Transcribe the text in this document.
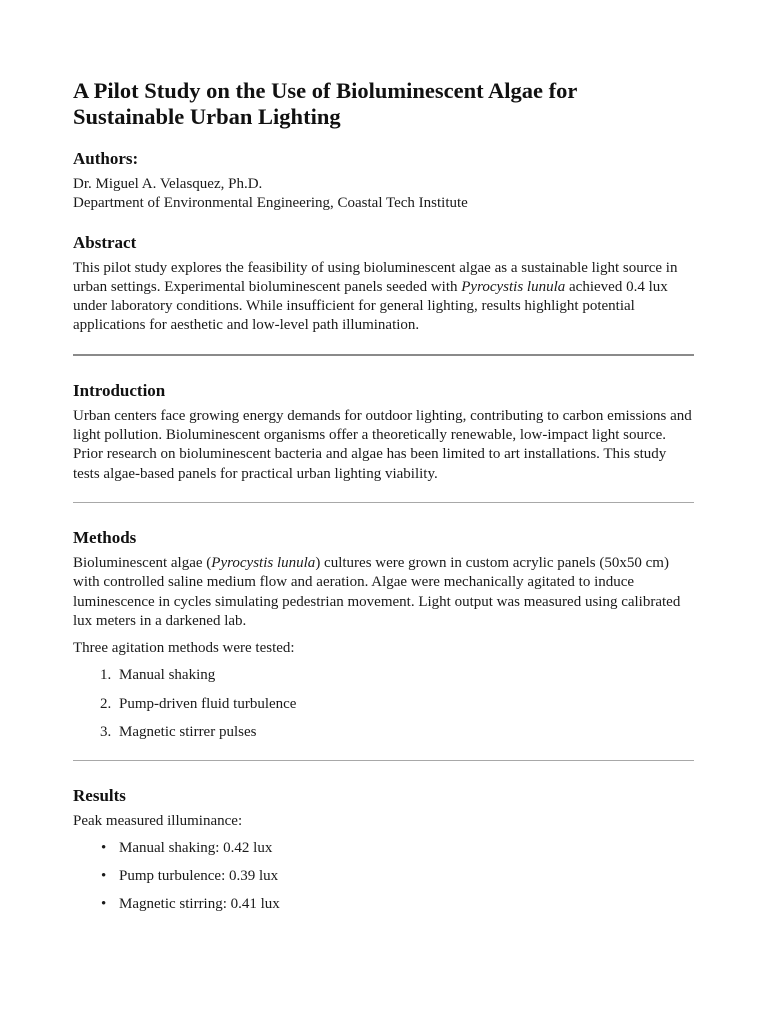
A Pilot Study on the Use of Bioluminescent Algae for Sustainable Urban Lighting
Authors:

Dr. Miguel A. Velasquez, Ph.D.

Department of Environmental Engineering, Coastal Tech Institute

Abstract

This pilot study explores the feasibility of using bioluminescent algae as a sustainable light source in urban settings. Experimental bioluminescent panels seeded with Pyrocystis lunula achieved 0.4 lux under laboratory conditions. While insufficient for general lighting, results highlight potential applications for aesthetic and low-level path illumination.

Introduction

Urban centers face growing energy demands for outdoor lighting, contributing to carbon emissions and light pollution. Bioluminescent organisms offer a theoretically renewable, low-impact light source. Prior research on bioluminescent bacteria and algae has been limited to art installations. This study tests algae-based panels for practical urban lighting viability.

Methods

Bioluminescent algae (Pyrocystis lunula) cultures were grown in custom acrylic panels (50x50 cm) with controlled saline medium flow and aeration. Algae were mechanically agitated to induce luminescence in cycles simulating pedestrian movement. Light output was measured using calibrated lux meters in a darkened lab.

Three agitation methods were tested:

1. Manual shaking
2. Pump-driven fluid turbulence
3. Magnetic stirrer pulses
Results

Peak measured illuminance:

• Manual shaking: 0.42 lux
• Pump turbulence: 0.39 lux
• Magnetic stirring: 0.41 lux
